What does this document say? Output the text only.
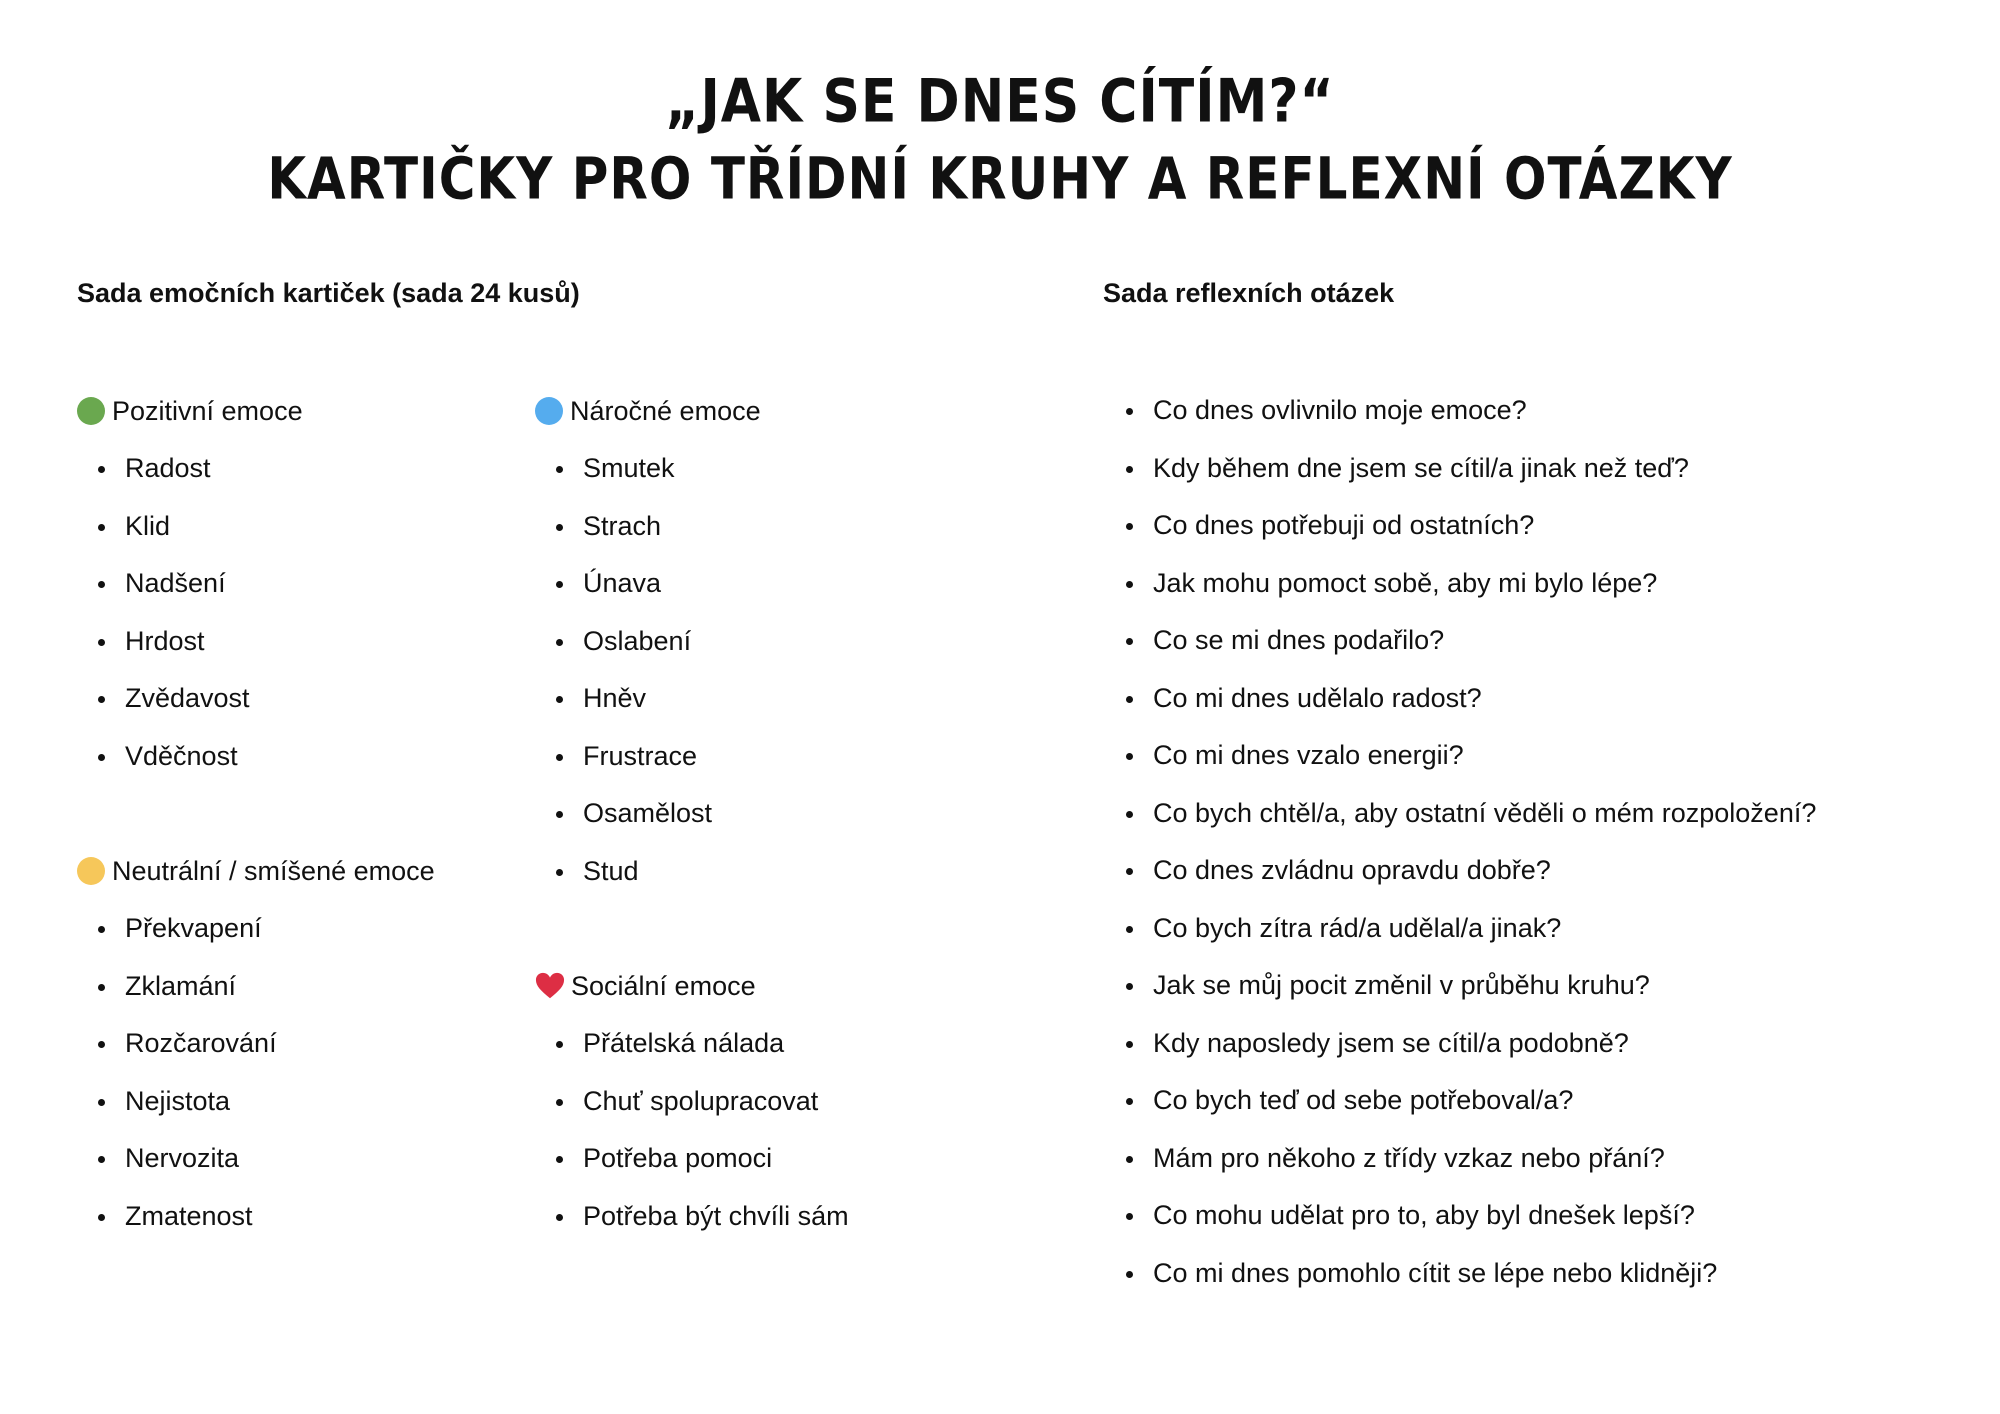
„JAK SE DNES CÍTÍM?“
KARTIČKY PRO TŘÍDNÍ KRUHY A REFLEXNÍ OTÁZKY
Sada emočních kartiček (sada 24 kusů)	Sada reflexních otázek
Pozitivní emoce
Radost
Klid
Nadšení
Hrdost
Zvědavost
Vděčnost
Neutrální / smíšené emoce
Překvapení
Zklamání
Rozčarování
Nejistota
Nervozita
Zmatenost
Náročné emoce
Smutek
Strach
Únava
Oslabení
Hněv
Frustrace
Osamělost
Stud
Sociální emoce
Přátelská nálada
Chuť spolupracovat
Potřeba pomoci
Potřeba být chvíli sám
Co dnes ovlivnilo moje emoce?
Kdy během dne jsem se cítil/a jinak než teď?
Co dnes potřebuji od ostatních?
Jak mohu pomoct sobě, aby mi bylo lépe?
Co se mi dnes podařilo?
Co mi dnes udělalo radost?
Co mi dnes vzalo energii?
Co bych chtěl/a, aby ostatní věděli o mém rozpoložení?
Co dnes zvládnu opravdu dobře?
Co bych zítra rád/a udělal/a jinak?
Jak se můj pocit změnil v průběhu kruhu?
Kdy naposledy jsem se cítil/a podobně?
Co bych teď od sebe potřeboval/a?
Mám pro někoho z třídy vzkaz nebo přání?
Co mohu udělat pro to, aby byl dnešek lepší?
Co mi dnes pomohlo cítit se lépe nebo klidněji?
